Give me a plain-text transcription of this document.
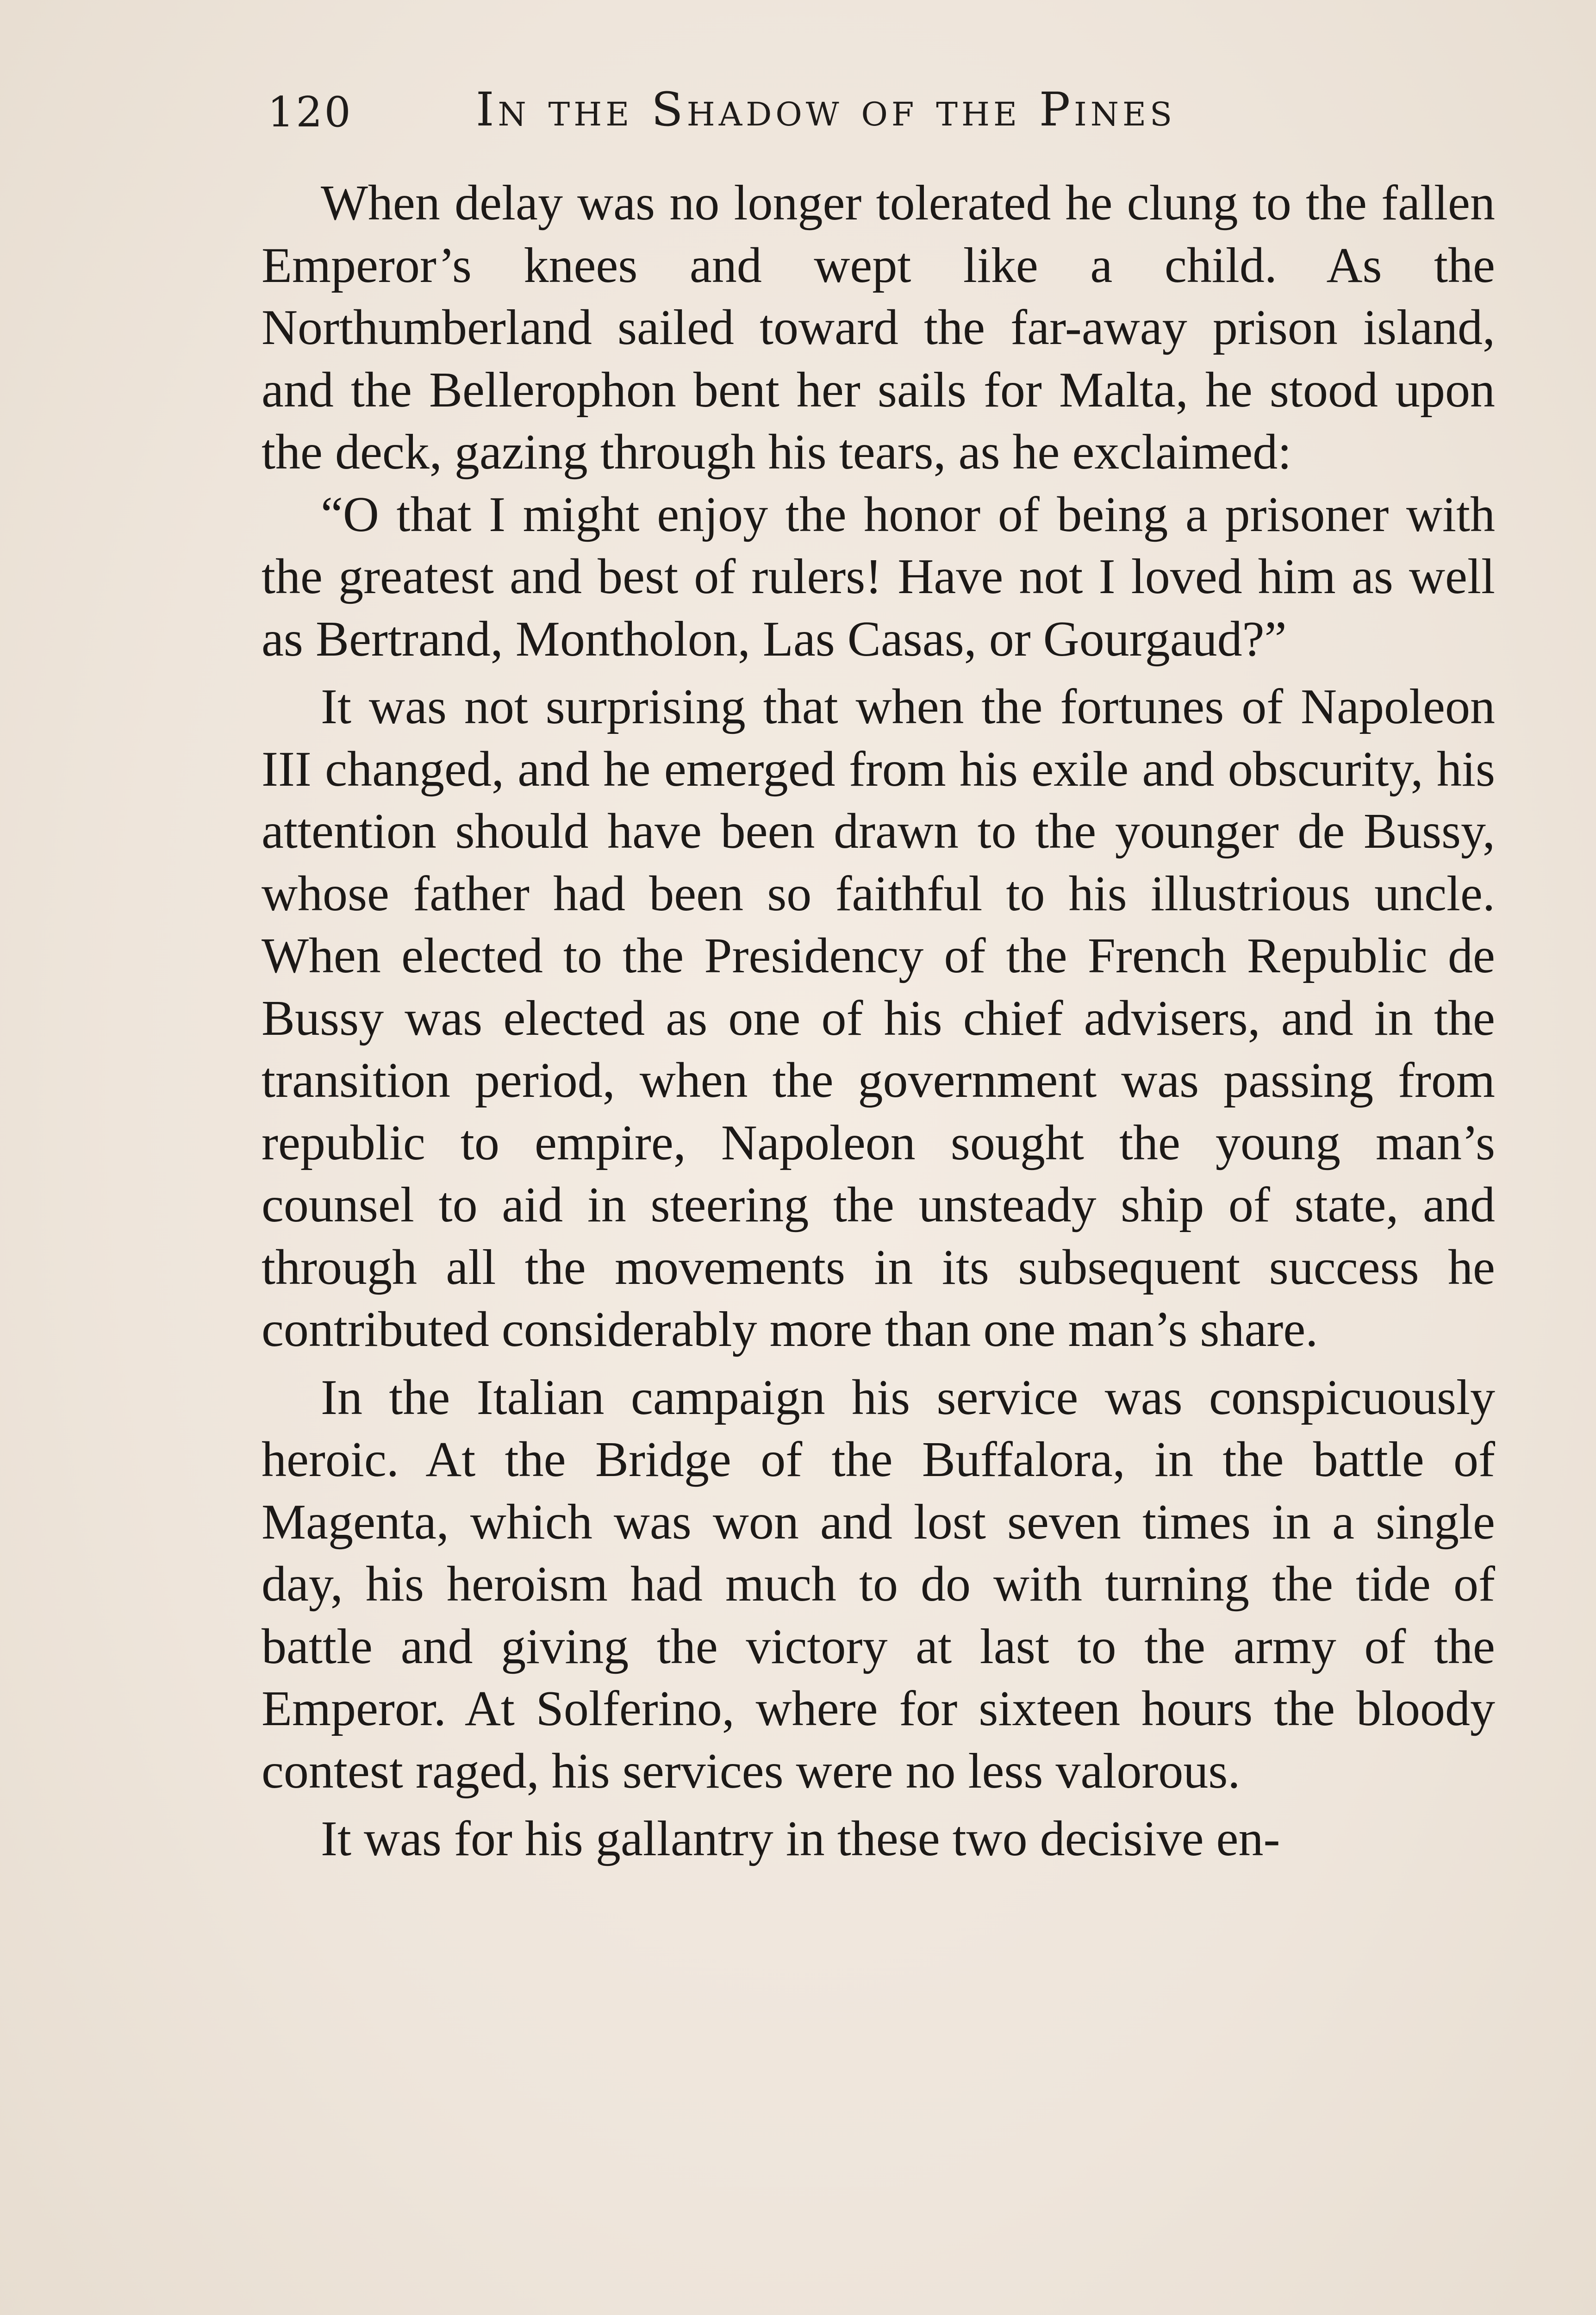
120	In the Shadow of the Pines

When delay was no longer tolerated he clung to the fallen Emperor’s knees and wept like a child. As the Northumberland sailed toward the far-away prison island, and the Bellerophon bent her sails for Malta, he stood upon the deck, gazing through his tears, as he exclaimed:

“O that I might enjoy the honor of being a prisoner with the greatest and best of rulers! Have not I loved him as well as Bertrand, Montholon, Las Casas, or Gourgaud?”

It was not surprising that when the fortunes of Napoleon III changed, and he emerged from his exile and obscurity, his attention should have been drawn to the younger de Bussy, whose father had been so faithful to his illustrious uncle. When elected to the Presidency of the French Republic de Bussy was elected as one of his chief advisers, and in the transition period, when the government was passing from republic to empire, Napoleon sought the young man’s counsel to aid in steering the unsteady ship of state, and through all the movements in its subsequent success he contributed considerably more than one man’s share.

In the Italian campaign his service was conspicuously heroic. At the Bridge of the Buffalora, in the battle of Magenta, which was won and lost seven times in a single day, his heroism had much to do with turning the tide of battle and giving the victory at last to the army of the Emperor. At Solferino, where for sixteen hours the bloody contest raged, his services were no less valorous.

It was for his gallantry in these two decisive en-
